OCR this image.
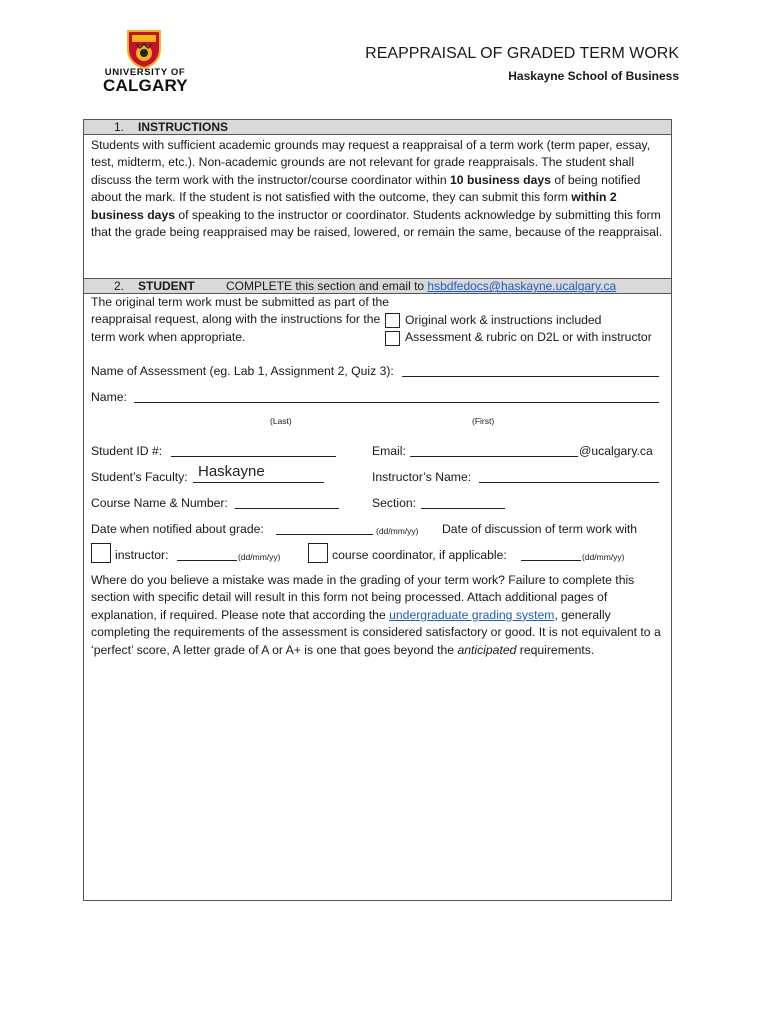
UNIVERSITY OF
CALGARY
REAPPRAISAL OF GRADED TERM WORK
Haskayne School of Business
1. INSTRUCTIONS
Students with sufficient academic grounds may request a reappraisal of a term work (term paper, essay, test, midterm, etc.). Non-academic grounds are not relevant for grade reappraisals. The student shall discuss the term work with the instructor/course coordinator within 10 business days of being notified about the mark. If the student is not satisfied with the outcome, they can submit this form within 2 business days of speaking to the instructor or coordinator. Students acknowledge by submitting this form that the grade being reappraised may be raised, lowered, or remain the same, because of the reappraisal.
2. STUDENT	COMPLETE this section and email to hsbdfedocs@haskayne.ucalgary.ca
The original term work must be submitted as part of the reappraisal request, along with the instructions for the term work when appropriate.
Original work & instructions included
Assessment & rubric on D2L or with instructor
Name of Assessment (eg. Lab 1, Assignment 2, Quiz 3):
Name:
(Last)	(First)
Student ID #:	Email:	@ucalgary.ca
Student’s Faculty: Haskayne	Instructor’s Name:
Course Name & Number:	Section:
Date when notified about grade:	(dd/mm/yy) Date of discussion of term work with
instructor:	(dd/mm/yy)	course coordinator, if applicable:	(dd/mm/yy)
Where do you believe a mistake was made in the grading of your term work? Failure to complete this section with specific detail will result in this form not being processed. Attach additional pages of explanation, if required. Please note that according the undergraduate grading system, generally completing the requirements of the assessment is considered satisfactory or good. It is not equivalent to a ‘perfect’ score, A letter grade of A or A+ is one that goes beyond the anticipated requirements.
